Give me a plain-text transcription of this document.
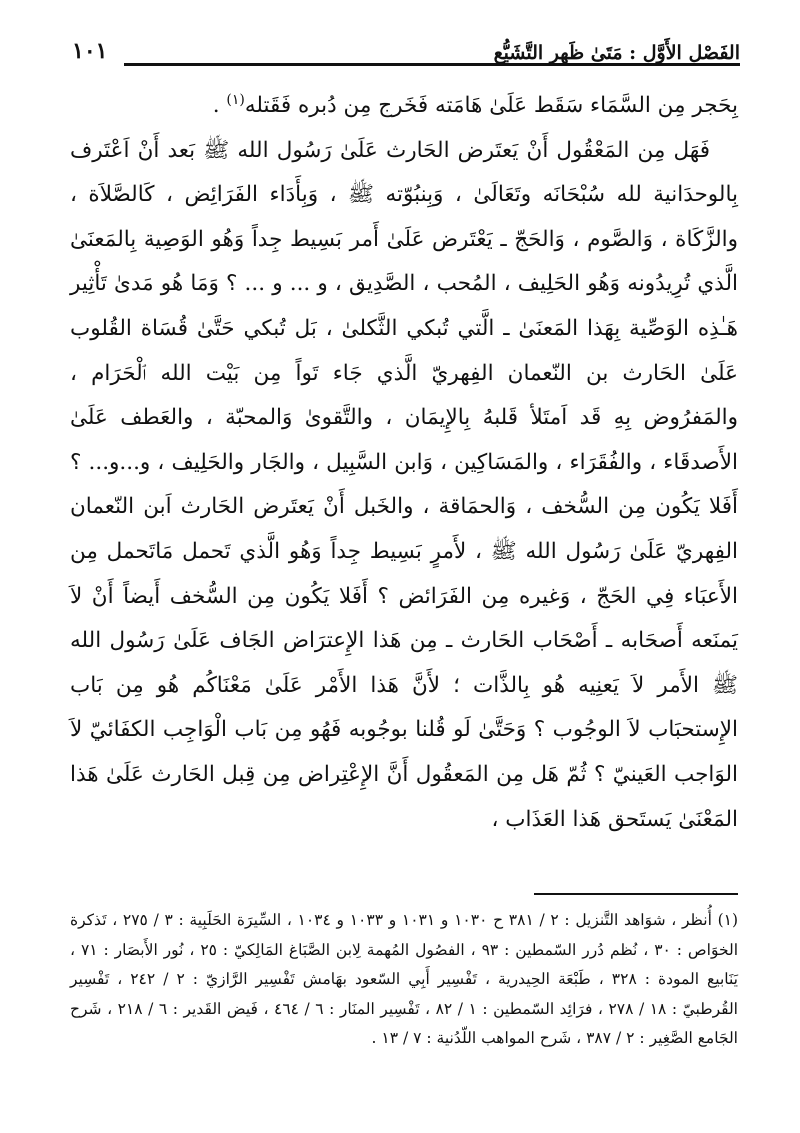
الفَصْل الأَوَّل : مَتَىٰ ظَهر التَّشَيُّع
١٠١

بِحَجر مِن السَّمَاء سَقَط عَلَىٰ هَامَته فَخَرج مِن دُبره فَقَتله$^{(١)}$ .

فَهَل مِن المَعْقُول أَنْ يَعتَرض الحَارث عَلَىٰ رَسُول الله ﷺ بَعد أَنْ اَعْتَرف بِالوحدَانية لله سُبْحَانَه وتَعَالَىٰ ، وَبِنبُوّته ﷺ ، وَبِأَدَاء الفَرَائِض ، كَالصَّلاَة ، والزَّكَاة ، وَالصَّوم ، وَالحَجّ ـ يَعْتَرض عَلَىٰ أَمر بَسِيط جِداً وَهُو الوَصِية بِالمَعنَىٰ الَّذي تُرِيدُونه وَهُو الحَلِيف ، المُحب ، الصَّدِيق ، و ... و ... ؟ وَمَا هُو مَدىٰ تَأْثِير هَـٰذِه الوَصِّية بِهَذا المَعنَىٰ ـ الَّتي تُبكي الثَّكلىٰ ، بَل تُبكي حَتَّىٰ قُسَاة القُلوب عَلَىٰ الحَارث بن النّعمان الفِهريّ الَّذي جَاء تَواً مِن بَيْت الله ٱلْحَرَام ، والمَفرُوض بِهِ قَد اَمتَلأ قَلبهُ بِالإِيمَان ، والتَّقوىٰ وَالمحبّة ، والعَطف عَلَىٰ الأَصدقَاء ، والفُقَرَاء ، والمَسَاكِين ، وَابن السَّبِيل ، والجَار والحَلِيف ، و...و... ؟ أَفَلا يَكُون مِن السُّخف ، وَالحمَاقة ، والخَبل أَنْ يَعتَرض الحَارث اَبن النّعمان الفِهريّ عَلَىٰ رَسُول الله ﷺ ، لأَمرٍ بَسِيط جِداً وَهُو الَّذي تَحمل مَاتَحمل مِن الأَعبَاء فِي الحَجّ ، وَغيره مِن الفَرَائض ؟ أَفَلا يَكُون مِن السُّخف أَيضاً أَنْ لاَ يَمنَعه أَصحَابه ـ أَصْحَاب الحَارث ـ مِن هَذا الإِعترَاض الجَاف عَلَىٰ رَسُول الله ﷺ الأَمر لاَ يَعنِيه هُو بِالذَّات ؛ لأَنَّ هَذا الأَمْر عَلَىٰ مَعْنَاكُم هُو مِن بَاب الإِستحبَاب لاَ الوجُوب ؟ وَحَتَّىٰ لَو قُلنا بوجُوبه فَهُو مِن بَاب الْوَاجِب الكفَائيّ لاَ الوَاجب العَينيّ ؟ ثُمّ هَل مِن المَعقُول أَنَّ الإِعْتِراض مِن قِبل الحَارث عَلَىٰ هَذا المَعْنَىٰ يَستَحق هَذا العَذَاب ،

(١) أُنظر ، شوَاهد التَّنزيل : ٢ / ٣٨١ ح ١٠٣٠ و ١٠٣١ و ١٠٣٣ و ١٠٣٤ ، السِّيرَة الحَلَبِية : ٣ / ٢٧٥ ، تَذكرة الخوَاص : ٣٠ ، نُظم دُرر السّمطين : ٩٣ ، الفصُول المُهمة لِابن الصَّبَاغ المَالِكيّ : ٢٥ ، نُور الأَبصَار : ٧١ ، يَنَابيع المودة : ٣٢٨ ، طَبْعَة الحِيدرية ، تَفْسِير أَبِي السّعود بهَامش تَفْسِير الرَّازيّ : ٢ / ٢٤٢ ، تَفْسِير القُرطبيّ : ١٨ / ٢٧٨ ، فرَائِد السّمطين : ١ / ٨٢ ، تَفْسِير المنَار : ٦ / ٤٦٤ ، فَيض القَدير : ٦ / ٢١٨ ، شَرح الجَامع الصَّغِير : ٢ / ٣٨٧ ، شَرح المواهب اللّدُنية : ٧ / ١٣ .
